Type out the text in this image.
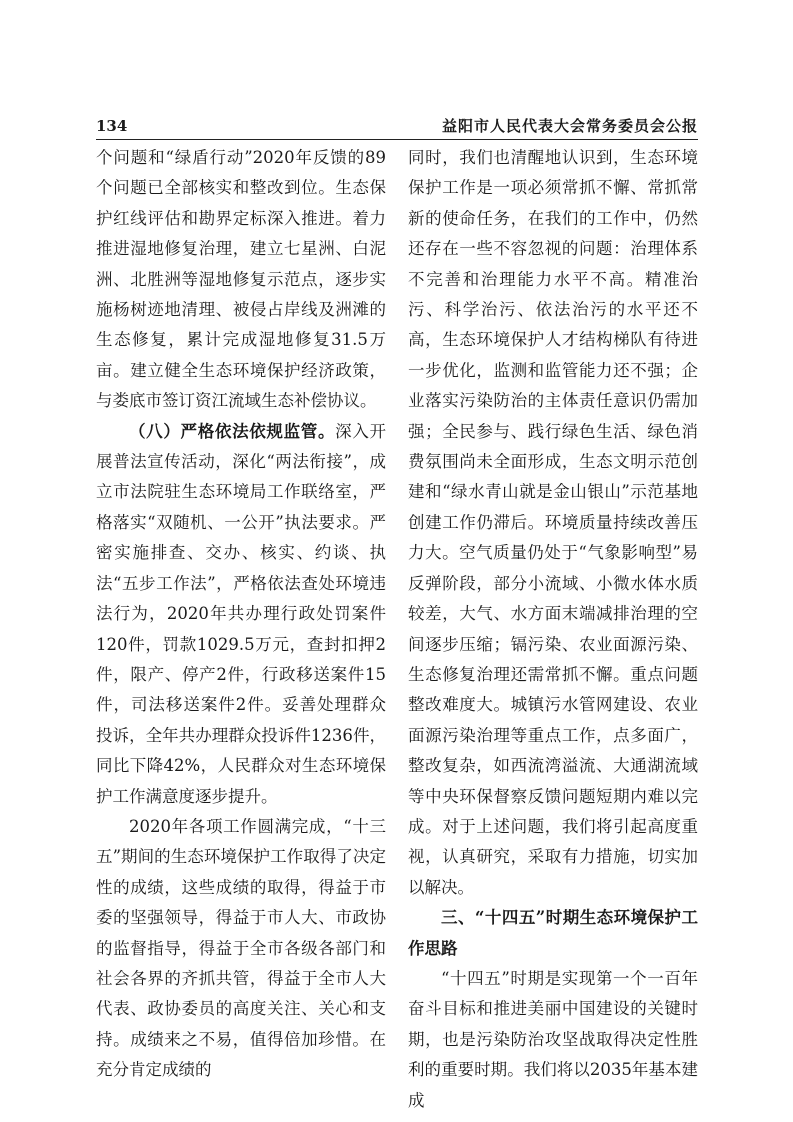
134	益阳市人民代表大会常务委员会公报

个问题和“绿盾行动”2020年反馈的89个问题已全部核实和整改到位。生态保护红线评估和勘界定标深入推进。着力推进湿地修复治理，建立七星洲、白泥洲、北胜洲等湿地修复示范点，逐步实施杨树迹地清理、被侵占岸线及洲滩的生态修复，累计完成湿地修复31.5万亩。建立健全生态环境保护经济政策，与娄底市签订资江流域生态补偿协议。

（八）严格依法依规监管。深入开展普法宣传活动，深化“两法衔接”，成立市法院驻生态环境局工作联络室，严格落实“双随机、一公开”执法要求。严密实施排查、交办、核实、约谈、执法“五步工作法”，严格依法查处环境违法行为，2020年共办理行政处罚案件120件，罚款1029.5万元，查封扣押2件，限产、停产2件，行政移送案件15件，司法移送案件2件。妥善处理群众投诉，全年共办理群众投诉件1236件，同比下降42%，人民群众对生态环境保护工作满意度逐步提升。

2020年各项工作圆满完成，“十三五”期间的生态环境保护工作取得了决定性的成绩，这些成绩的取得，得益于市委的坚强领导，得益于市人大、市政协的监督指导，得益于全市各级各部门和社会各界的齐抓共管，得益于全市人大代表、政协委员的高度关注、关心和支持。成绩来之不易，值得倍加珍惜。在充分肯定成绩的

同时，我们也清醒地认识到，生态环境保护工作是一项必须常抓不懈、常抓常新的使命任务，在我们的工作中，仍然还存在一些不容忽视的问题：治理体系不完善和治理能力水平不高。精准治污、科学治污、依法治污的水平还不高，生态环境保护人才结构梯队有待进一步优化，监测和监管能力还不强；企业落实污染防治的主体责任意识仍需加强；全民参与、践行绿色生活、绿色消费氛围尚未全面形成，生态文明示范创建和“绿水青山就是金山银山”示范基地创建工作仍滞后。环境质量持续改善压力大。空气质量仍处于“气象影响型”易反弹阶段，部分小流域、小微水体水质较差，大气、水方面末端减排治理的空间逐步压缩；镉污染、农业面源污染、生态修复治理还需常抓不懈。重点问题整改难度大。城镇污水管网建设、农业面源污染治理等重点工作，点多面广，整改复杂，如西流湾溢流、大通湖流域等中央环保督察反馈问题短期内难以完成。对于上述问题，我们将引起高度重视，认真研究，采取有力措施，切实加以解决。

三、“十四五”时期生态环境保护工作思路

“十四五”时期是实现第一个一百年奋斗目标和推进美丽中国建设的关键时期，也是污染防治攻坚战取得决定性胜利的重要时期。我们将以2035年基本建成
